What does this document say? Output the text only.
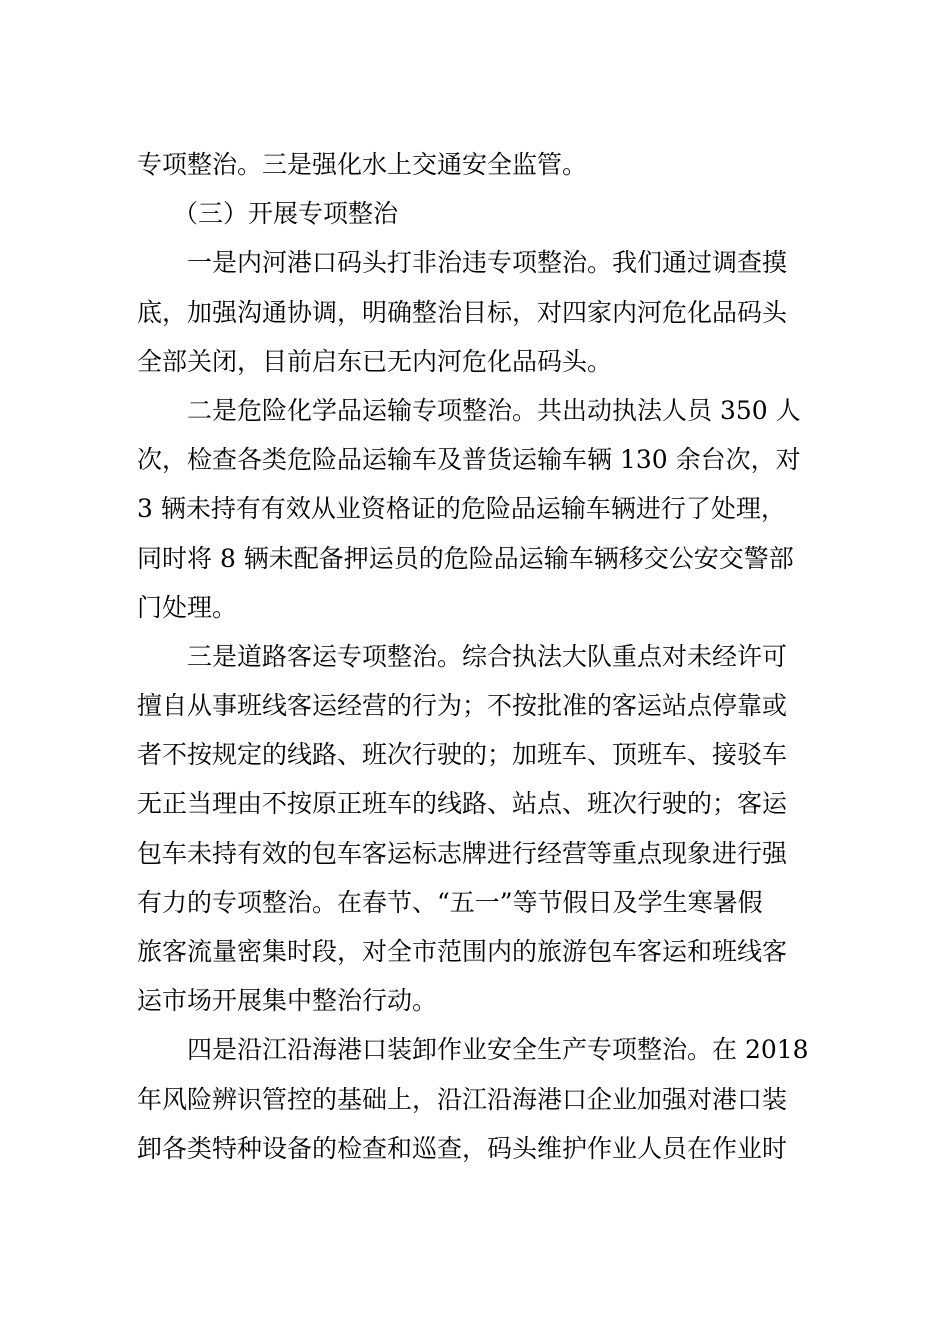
专项整治。三是强化水上交通安全监管。
（三）开展专项整治
一是内河港口码头打非治违专项整治。我们通过调查摸
底，加强沟通协调，明确整治目标，对四家内河危化品码头
全部关闭，目前启东已无内河危化品码头。
二是危险化学品运输专项整治。共出动执法人员 350 人
次，检查各类危险品运输车及普货运输车辆 130 余台次，对
3 辆未持有有效从业资格证的危险品运输车辆进行了处理，
同时将 8 辆未配备押运员的危险品运输车辆移交公安交警部
门处理。
三是道路客运专项整治。综合执法大队重点对未经许可
擅自从事班线客运经营的行为；不按批准的客运站点停靠或
者不按规定的线路、班次行驶的；加班车、顶班车、接驳车
无正当理由不按原正班车的线路、站点、班次行驶的；客运
包车未持有效的包车客运标志牌进行经营等重点现象进行强
有力的专项整治。在春节、“五一”等节假日及学生寒暑假
旅客流量密集时段，对全市范围内的旅游包车客运和班线客
运市场开展集中整治行动。
四是沿江沿海港口装卸作业安全生产专项整治。在 2018
年风险辨识管控的基础上，沿江沿海港口企业加强对港口装
卸各类特种设备的检查和巡查，码头维护作业人员在作业时
